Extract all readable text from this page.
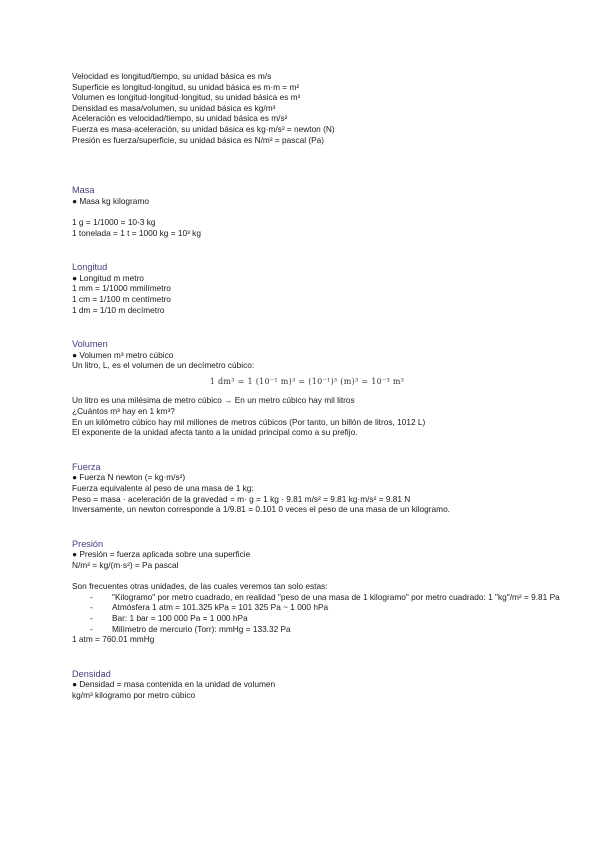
Velocidad es longitud/tiempo, su unidad básica es m/s
Superficie es longitud·longitud, su unidad básica es m·m = m²
Volumen es longitud·longitud·longitud, su unidad básica es m³
Densidad es masa/volumen, su unidad básica es kg/m³
Aceleración es velocidad/tiempo, su unidad básica es m/s²
Fuerza es masa·aceleración, su unidad básica es kg·m/s² = newton (N)
Presión es fuerza/superficie, su unidad básica es N/m² = pascal (Pa)
Masa
● Masa kg kilogramo
1 g = 1/1000 = 10-3 kg
1 tonelada = 1 t = 1000 kg = 10³ kg
Longitud
● Longitud m metro
1 mm = 1/1000 mmilímetro
1 cm = 1/100 m centímetro
1 dm = 1/10 m decímetro
Volumen
● Volumen m³ metro cúbico
Un litro, L, es el volumen de un decímetro cúbico:
1 dm³ = 1 (10⁻¹ m)³ = (10⁻¹)³ (m)³ = 10⁻³ m³
Un litro es una milésima de metro cúbico → En un metro cúbico hay mil litros
¿Cuántos m³ hay en 1 km³?
En un kilómetro cúbico hay mil millones de metros cúbicos (Por tanto, un billón de litros, 1012 L)
El exponente de la unidad afecta tanto a la unidad principal como a su prefijo.
Fuerza
● Fuerza N newton (= kg·m/s²)
Fuerza equivalente al peso de una masa de 1 kg:
Peso = masa · aceleración de la gravedad = m· g = 1 kg · 9.81 m/s² = 9.81 kg·m/s² = 9.81 N
Inversamente, un newton corresponde a 1/9.81 = 0.101 0 veces el peso de una masa de un kilogramo.
Presión
● Presión = fuerza aplicada sobre una superficie
N/m² = kg/(m·s²) = Pa pascal
Son frecuentes otras unidades, de las cuales veremos tan solo estas:
- "Kilogramo" por metro cuadrado, en realidad "peso de una masa de 1 kilogramo" por metro cuadrado: 1 "kg"/m² = 9.81 Pa
- Atmósfera 1 atm = 101.325 kPa = 101 325 Pa ~ 1 000 hPa
- Bar: 1 bar = 100 000 Pa = 1 000 hPa
- Milímetro de mercurio (Torr): mmHg = 133.32 Pa
1 atm = 760.01 mmHg
Densidad
● Densidad = masa contenida en la unidad de volumen
kg/m³ kilogramo por metro cúbico
